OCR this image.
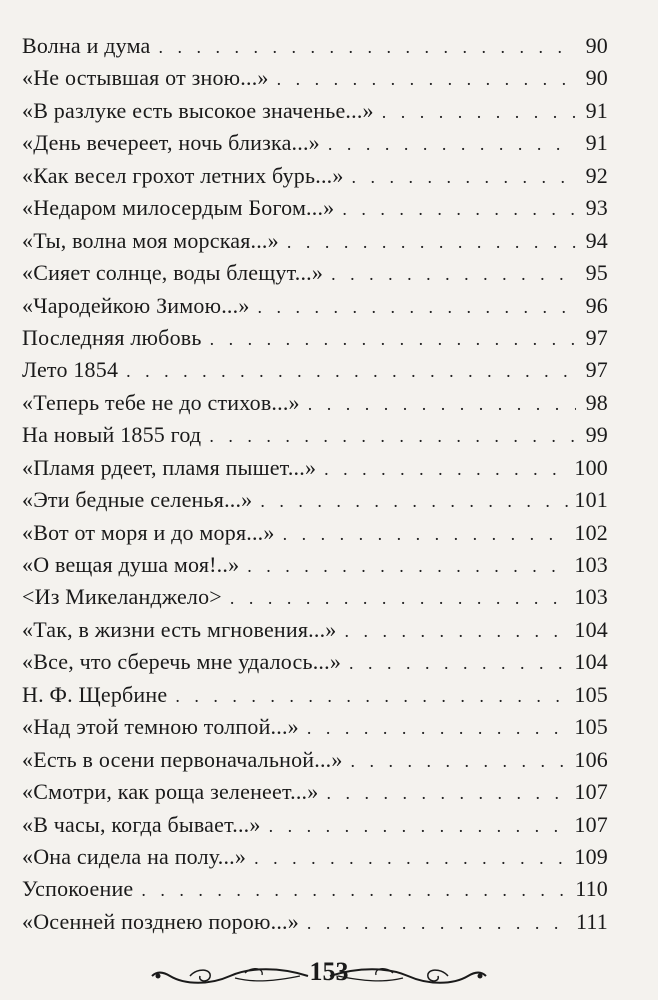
Волна и дума . . .	90
«Не остывшая от зною...» . . .	90
«В разлуке есть высокое значенье...» . . .	91
«День вечереет, ночь близка...» . . .	91
«Как весел грохот летних бурь...» . . .	92
«Недаром милосердым Богом...» . . .	93
«Ты, волна моя морская...» . . .	94
«Сияет солнце, воды блещут...» . . .	95
«Чародейкою Зимою...» . . .	96
Последняя любовь . . .	97
Лето 1854 . . .	97
«Теперь тебе не до стихов...» . . .	98
На новый 1855 год . . .	99
«Пламя рдеет, пламя пышет...» . . .	100
«Эти бедные селенья...» . . .	101
«Вот от моря и до моря...» . . .	102
«О вещая душа моя!..» . . .	103
<Из Микеланджело> . . .	103
«Так, в жизни есть мгновения...» . . .	104
«Все, что сберечь мне удалось...» . . .	104
Н. Ф. Щербине . . .	105
«Над этой темною толпой...» . . .	105
«Есть в осени первоначальной...» . . .	106
«Смотри, как роща зеленеет...» . . .	107
«В часы, когда бывает...» . . .	107
«Она сидела на полу...» . . .	109
Успокоение . . .	110
«Осенней позднею порою...» . . .	111
153
